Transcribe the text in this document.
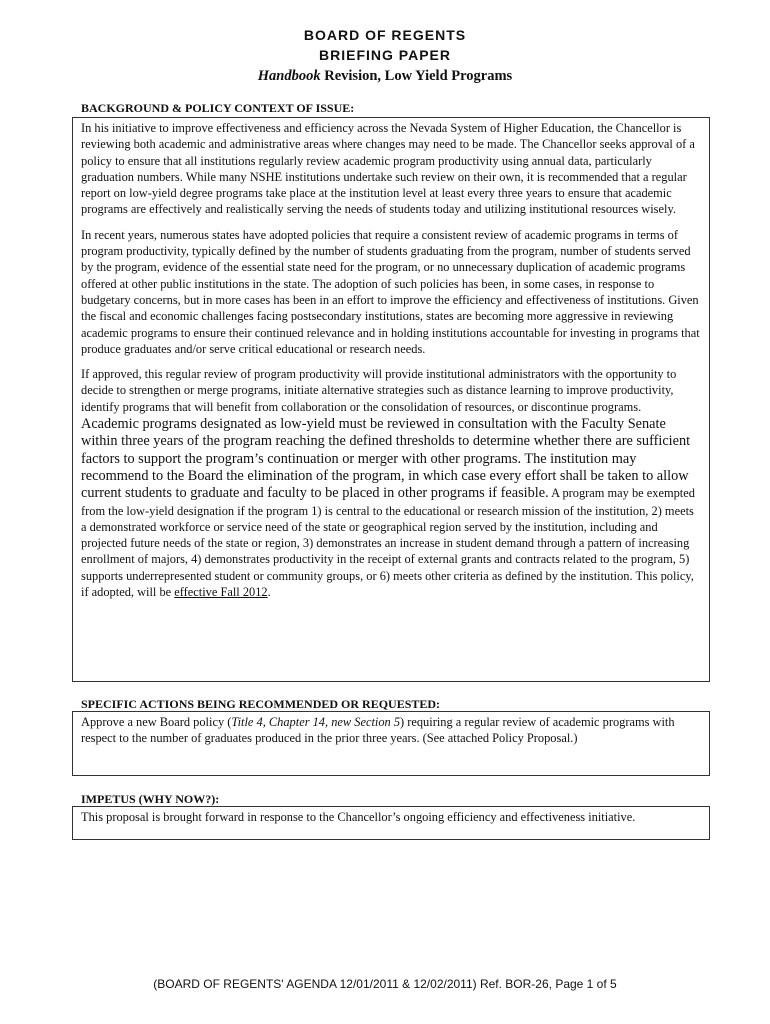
BOARD OF REGENTS
BRIEFING PAPER
Handbook Revision, Low Yield Programs
BACKGROUND & POLICY CONTEXT OF ISSUE:

In his initiative to improve effectiveness and efficiency across the Nevada System of Higher Education, the Chancellor is reviewing both academic and administrative areas where changes may need to be made. The Chancellor seeks approval of a policy to ensure that all institutions regularly review academic program productivity using annual data, particularly graduation numbers. While many NSHE institutions undertake such review on their own, it is recommended that a regular report on low-yield degree programs take place at the institution level at least every three years to ensure that academic programs are effectively and realistically serving the needs of students today and utilizing institutional resources wisely.

In recent years, numerous states have adopted policies that require a consistent review of academic programs in terms of program productivity, typically defined by the number of students graduating from the program, number of students served by the program, evidence of the essential state need for the program, or no unnecessary duplication of academic programs offered at other public institutions in the state. The adoption of such policies has been, in some cases, in response to budgetary concerns, but in more cases has been in an effort to improve the efficiency and effectiveness of institutions. Given the fiscal and economic challenges facing postsecondary institutions, states are becoming more aggressive in reviewing academic programs to ensure their continued relevance and in holding institutions accountable for investing in programs that produce graduates and/or serve critical educational or research needs.

If approved, this regular review of program productivity will provide institutional administrators with the opportunity to decide to strengthen or merge programs, initiate alternative strategies such as distance learning to improve productivity, identify programs that will benefit from collaboration or the consolidation of resources, or discontinue programs. Academic programs designated as low-yield must be reviewed in consultation with the Faculty Senate within three years of the program reaching the defined thresholds to determine whether there are sufficient factors to support the program’s continuation or merger with other programs. The institution may recommend to the Board the elimination of the program, in which case every effort shall be taken to allow current students to graduate and faculty to be placed in other programs if feasible. A program may be exempted from the low-yield designation if the program 1) is central to the educational or research mission of the institution, 2) meets a demonstrated workforce or service need of the state or geographical region served by the institution, including and projected future needs of the state or region, 3) demonstrates an increase in student demand through a pattern of increasing enrollment of majors, 4) demonstrates productivity in the receipt of external grants and contracts related to the program, 5) supports underrepresented student or community groups, or 6) meets other criteria as defined by the institution. This policy, if adopted, will be effective Fall 2012.

SPECIFIC ACTIONS BEING RECOMMENDED OR REQUESTED:

Approve a new Board policy (Title 4, Chapter 14, new Section 5) requiring a regular review of academic programs with respect to the number of graduates produced in the prior three years. (See attached Policy Proposal.)

IMPETUS (WHY NOW?):

This proposal is brought forward in response to the Chancellor’s ongoing efficiency and effectiveness initiative.

(BOARD OF REGENTS' AGENDA 12/01/2011 & 12/02/2011) Ref. BOR-26, Page 1 of 5
